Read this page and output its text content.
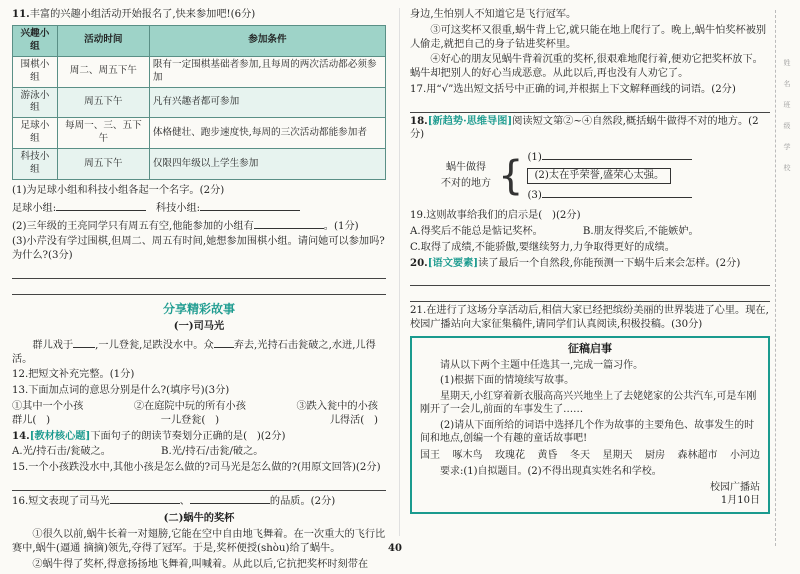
11.丰富的兴趣小组活动开始报名了,快来参加吧!(6分)
兴趣小组	活动时间	参加条件
围棋小组	周二、周五下午	限有一定围棋基础者参加,且每周的两次活动都必须参加
游泳小组	周五下午	凡有兴趣者都可参加
足球小组	每周一、三、五下午	体格健壮、跑步速度快,每周的三次活动都能参加者
科技小组	周五下午	仅限四年级以上学生参加
(1)为足球小组和科技小组各起一个名字。(2分)
足球小组:	科技小组:
(2)三年级的王亮同学只有周五有空,他能参加的小组有	。(1分)
(3)小芹没有学过围棋,但周二、周五有时间,她想参加围棋小组。请问她可以参加吗? 为什么?(3分)
分享精彩故事
(一)司马光
群儿戏于 ,一儿登瓮,足跌没水中。众 弃去,光持石击瓮破之,水迸,儿得活。
12.把短文补充完整。(1分)
13.下面加点词的意思分别是什么?(填序号)(3分)
①其中一个小孩	②在庭院中玩的所有小孩	③跌入瓮中的小孩
群儿( )	一儿登瓮( )	儿得活( )
14.[教材核心题]下面句子的朗读节奏划分正确的是( )(2分)
A.光/持石击/瓮破之。	B.光/持石/击瓮/破之。
15.一个小孩跌没水中,其他小孩是怎么做的?司马光是怎么做的?(用原文回答)(2分)
16.短文表现了司马光	、	的品质。(2分)
(二)蜗牛的奖杯
①很久以前,蜗牛长着一对翅膀,它能在空中自由地飞舞着。在一次重大的飞行比赛中,蜗牛(逼通 摘摘)领先,夺得了冠军。于是,奖杯便授(shòu)给了蜗牛。
②蜗牛得了奖杯,得意扬扬地飞舞着,叫喊着。从此以后,它抗把奖杯时刻带在
身边,生怕别人不知道它是飞行冠军。
③可这奖杯又很重,蜗牛背上它,就只能在地上爬行了。晚上,蜗牛怕奖杯被别人偷走,就把自己的身子钻进奖杯里。
④好心的朋友见蜗牛背着沉重的奖杯,很艰难地爬行着,便劝它把奖杯放下。蜗牛却把别人的好心当成恶意。从此以后,再也没有人劝它了。
17.用“√”选出短文括号中正确的词,并根据上下文解释画线的词语。(2分)
18.[新趋势·思维导图]阅读短文第②~④自然段,概括蜗牛做得不对的地方。(2分)
蜗牛做得
不对的地方 { (1)
(2)太在乎荣誉,盛荣心太强。
(3)
19.这则故事给我们的启示是( )(2分)
A.得奖后不能总是惦记奖杯。	B.朋友得奖后,不能嫉妒。
C.取得了成绩,不能骄傲,要继续努力,力争取得更好的成绩。
20.[语文要素]读了最后一个自然段,你能预测一下蜗牛后来会怎样。(2分)
21.在进行了这场分享活动后,相信大家已经把缤纷美丽的世界装进了心里。现在,校园广播站向大家征集稿件,请同学们认真阅读,积极投稿。(30分)
征稿启事
请从以下两个主题中任选其一,完成一篇习作。
(1)根据下面的情境续写故事。
星期天,小红穿着新衣服高高兴兴地坐上了去姥姥家的公共汽车,可是车刚刚开了一会儿,前面的车事发生了……
(2)请从下面所给的词语中选择几个作为故事的主要角色、故事发生的时间和地点,创编一个有趣的童话故事吧!
国王 啄木鸟 玫瑰花 黄昏 冬天 星期天 厨房 森林超市 小河边
要求:(1)自拟题目。(2)不得出现真实姓名和学校。
校园广播站
1月10日
姓
名
班
级
学
校
40
